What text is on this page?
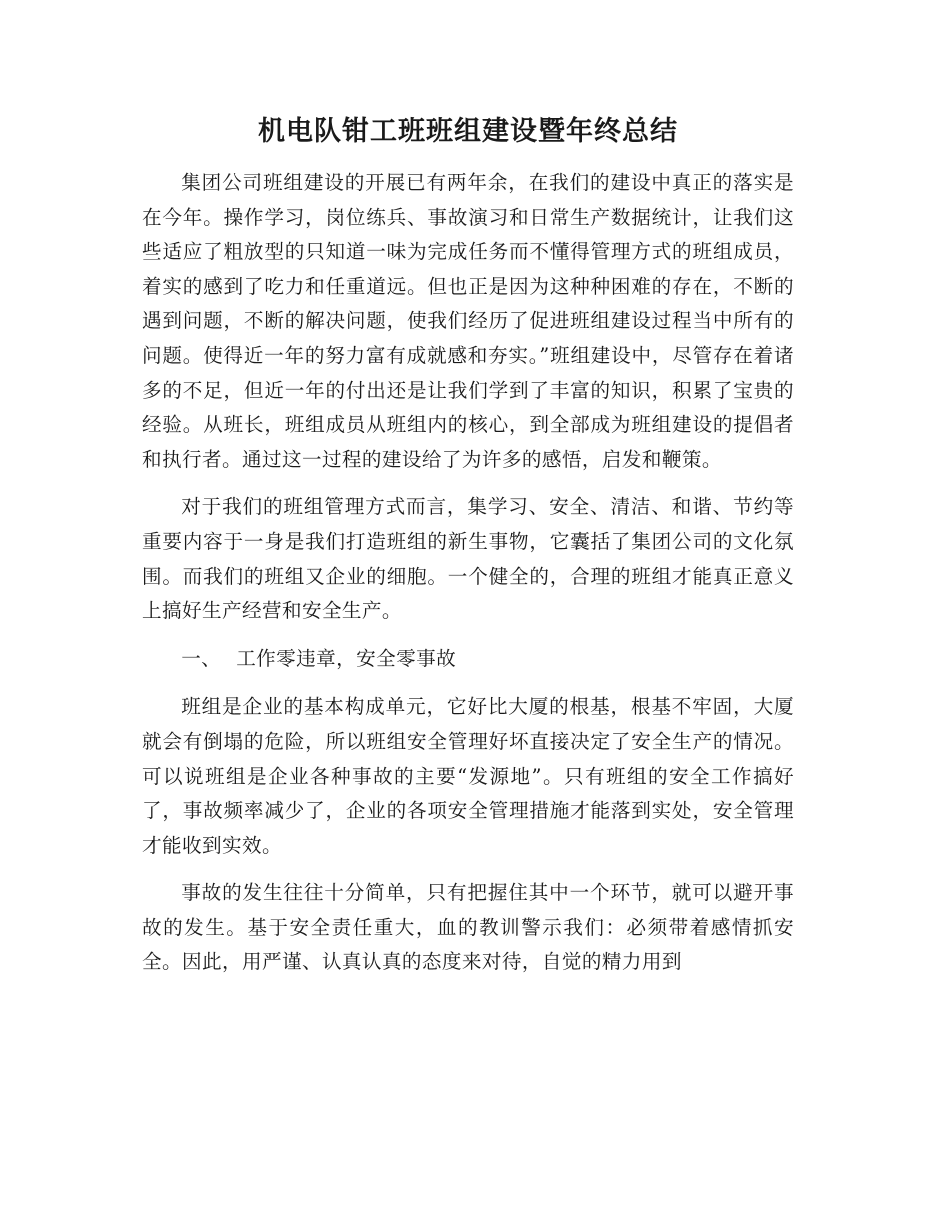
机电队钳工班班组建设暨年终总结

集团公司班组建设的开展已有两年余，在我们的建设中真正的落实是在今年。操作学习，岗位练兵、事故演习和日常生产数据统计，让我们这些适应了粗放型的只知道一味为完成任务而不懂得管理方式的班组成员，着实的感到了吃力和任重道远。但也正是因为这种种困难的存在，不断的遇到问题，不断的解决问题，使我们经历了促进班组建设过程当中所有的问题。使得近一年的努力富有成就感和夯实。”班组建设中，尽管存在着诸多的不足，但近一年的付出还是让我们学到了丰富的知识，积累了宝贵的经验。从班长，班组成员从班组内的核心，到全部成为班组建设的提倡者和执行者。通过这一过程的建设给了为许多的感悟，启发和鞭策。

对于我们的班组管理方式而言，集学习、安全、清洁、和谐、节约等重要内容于一身是我们打造班组的新生事物，它囊括了集团公司的文化氛围。而我们的班组又企业的细胞。一个健全的，合理的班组才能真正意义上搞好生产经营和安全生产。

一、 工作零违章，安全零事故

班组是企业的基本构成单元，它好比大厦的根基，根基不牢固，大厦就会有倒塌的危险，所以班组安全管理好坏直接决定了安全生产的情况。可以说班组是企业各种事故的主要“发源地”。只有班组的安全工作搞好了，事故频率减少了，企业的各项安全管理措施才能落到实处，安全管理才能收到实效。

事故的发生往往十分简单，只有把握住其中一个环节，就可以避开事故的发生。基于安全责任重大，血的教训警示我们：必须带着感情抓安全。因此，用严谨、认真认真的态度来对待，自觉的精力用到
